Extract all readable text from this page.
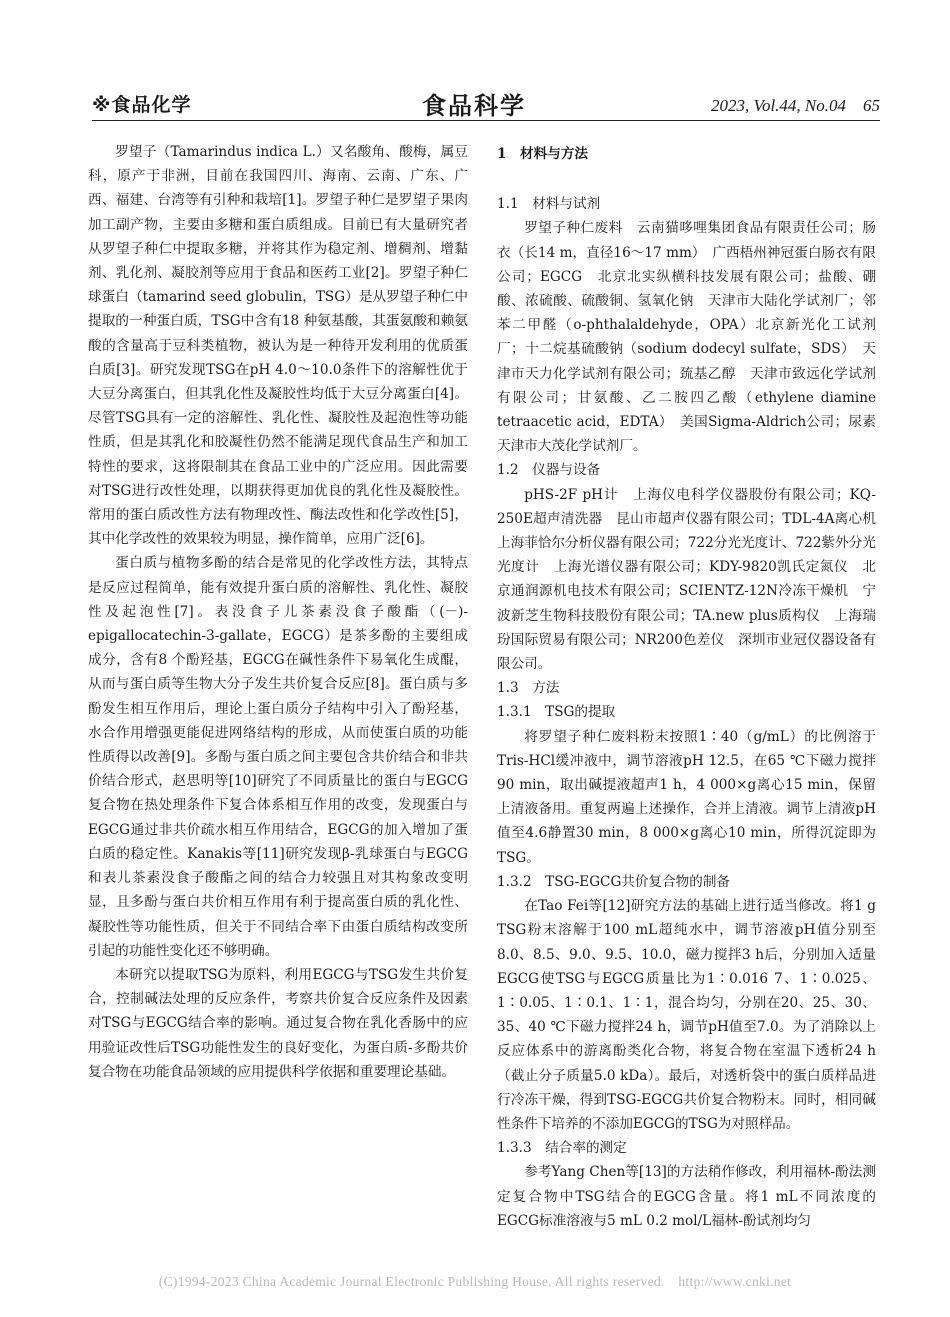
※食品化学	食品科学	2023, Vol.44, No.04　65

罗望子（Tamarindus indica L.）又名酸角、酸梅，属豆科，原产于非洲，目前在我国四川、海南、云南、广东、广西、福建、台湾等有引种和栽培[1]。罗望子种仁是罗望子果肉加工副产物，主要由多糖和蛋白质组成。目前已有大量研究者从罗望子种仁中提取多糖，并将其作为稳定剂、增稠剂、增黏剂、乳化剂、凝胶剂等应用于食品和医药工业[2]。罗望子种仁球蛋白（tamarind seed globulin，TSG）是从罗望子种仁中提取的一种蛋白质，TSG中含有18 种氨基酸，其蛋氨酸和赖氨酸的含量高于豆科类植物，被认为是一种待开发利用的优质蛋白质[3]。研究发现TSG在pH 4.0～10.0条件下的溶解性优于大豆分离蛋白，但其乳化性及凝胶性均低于大豆分离蛋白[4]。尽管TSG具有一定的溶解性、乳化性、凝胶性及起泡性等功能性质，但是其乳化和胶凝性仍然不能满足现代食品生产和加工特性的要求，这将限制其在食品工业中的广泛应用。因此需要对TSG进行改性处理，以期获得更加优良的乳化性及凝胶性。常用的蛋白质改性方法有物理改性、酶法改性和化学改性[5]，其中化学改性的效果较为明显，操作简单，应用广泛[6]。

蛋白质与植物多酚的结合是常见的化学改性方法，其特点是反应过程简单，能有效提升蛋白质的溶解性、乳化性、凝胶性及起泡性[7]。表没食子儿茶素没食子酸酯（(－)-epigallocatechin-3-gallate，EGCG）是茶多酚的主要组成成分，含有8 个酚羟基，EGCG在碱性条件下易氧化生成醌，从而与蛋白质等生物大分子发生共价复合反应[8]。蛋白质与多酚发生相互作用后，理论上蛋白质分子结构中引入了酚羟基，水合作用增强更能促进网络结构的形成，从而使蛋白质的功能性质得以改善[9]。多酚与蛋白质之间主要包含共价结合和非共价结合形式，赵思明等[10]研究了不同质量比的蛋白与EGCG复合物在热处理条件下复合体系相互作用的改变，发现蛋白与EGCG通过非共价疏水相互作用结合，EGCG的加入增加了蛋白质的稳定性。Kanakis等[11]研究发现β-乳球蛋白与EGCG和表儿茶素没食子酸酯之间的结合力较强且对其构象改变明显，且多酚与蛋白共价相互作用有利于提高蛋白质的乳化性、凝胶性等功能性质，但关于不同结合率下由蛋白质结构改变所引起的功能性变化还不够明确。

本研究以提取TSG为原料，利用EGCG与TSG发生共价复合，控制碱法处理的反应条件，考察共价复合反应条件及因素对TSG与EGCG结合率的影响。通过复合物在乳化香肠中的应用验证改性后TSG功能性发生的良好变化，为蛋白质-多酚共价复合物在功能食品领域的应用提供科学依据和重要理论基础。

1　材料与方法
1.1　材料与试剂

罗望子种仁废料　云南猫哆哩集团食品有限责任公司；肠衣（长14 m，直径16～17 mm）　广西梧州神冠蛋白肠衣有限公司；EGCG　北京北实纵横科技发展有限公司；盐酸、硼酸、浓硫酸、硫酸铜、氢氧化钠　天津市大陆化学试剂厂；邻苯二甲醛（o-phthalaldehyde，OPA）北京新光化工试剂厂；十二烷基硫酸钠（sodium dodecyl sulfate，SDS）　天津市天力化学试剂有限公司；巯基乙醇　天津市致远化学试剂有限公司；甘氨酸、乙二胺四乙酸（ethylene diamine tetraacetic acid，EDTA）　美国Sigma-Aldrich公司；尿素　天津市大茂化学试剂厂。

1.2　仪器与设备

pHS-2F pH计　上海仪电科学仪器股份有限公司；KQ-250E超声清洗器　昆山市超声仪器有限公司；TDL-4A离心机　上海菲恰尔分析仪器有限公司；722分光光度计、722紫外分光光度计　上海光谱仪器有限公司；KDY-9820凯氏定氮仪　北京通润源机电技术有限公司；SCIENTZ-12N冷冻干燥机　宁波新芝生物科技股份有限公司；TA.new plus质构仪　上海瑞玢国际贸易有限公司；NR200色差仪　深圳市业冠仪器设备有限公司。

1.3　方法
1.3.1　TSG的提取

将罗望子种仁废料粉末按照1∶40（g/mL）的比例溶于Tris-HCl缓冲液中，调节溶液pH 12.5，在65 ℃下磁力搅拌90 min，取出碱提液超声1 h，4 000×g离心15 min，保留上清液备用。重复两遍上述操作，合并上清液。调节上清液pH值至4.6静置30 min，8 000×g离心10 min，所得沉淀即为TSG。

1.3.2　TSG-EGCG共价复合物的制备

在Tao Fei等[12]研究方法的基础上进行适当修改。将1 g TSG粉末溶解于100 mL超纯水中，调节溶液pH值分别至8.0、8.5、9.0、9.5、10.0，磁力搅拌3 h后，分别加入适量EGCG使TSG与EGCG质量比为1∶0.016 7、1∶0.025、1∶0.05、1∶0.1、1∶1，混合均匀，分别在20、25、30、35、40 ℃下磁力搅拌24 h，调节pH值至7.0。为了消除以上反应体系中的游离酚类化合物，将复合物在室温下透析24 h（截止分子质量5.0 kDa）。最后，对透析袋中的蛋白质样品进行冷冻干燥，得到TSG-EGCG共价复合物粉末。同时，相同碱性条件下培养的不添加EGCG的TSG为对照样品。

1.3.3　结合率的测定

参考Yang Chen等[13]的方法稍作修改，利用福林-酚法测定复合物中TSG结合的EGCG含量。将1 mL不同浓度的EGCG标准溶液与5 mL 0.2 mol/L福林-酚试剂均匀

(C)1994-2023 China Academic Journal Electronic Publishing House. All rights reserved.　http://www.cnki.net
